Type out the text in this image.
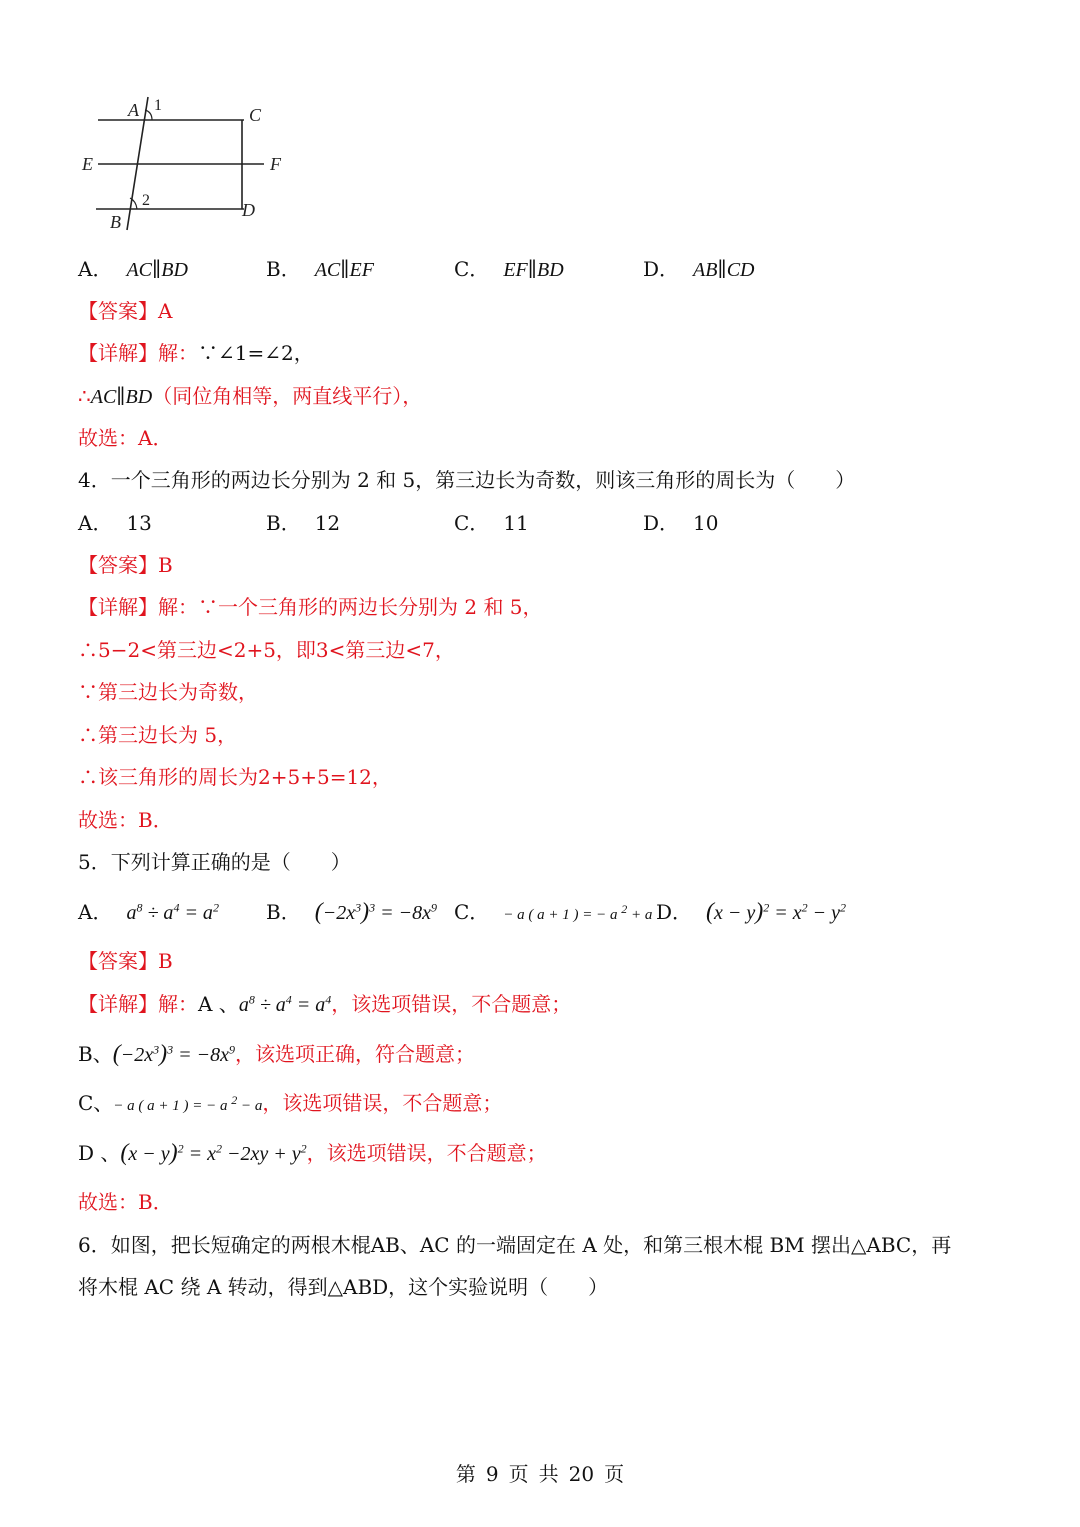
A 1	C
E	F
2
B
D
A． AC∥BD	B． AC∥EF	C． EF∥BD	D． AB∥CD
【答案】A
【详解】解：∵∠1=∠2，
∴AC∥BD（同位角相等，两直线平行），
故选：A．
4．一个三角形的两边长分别为 2 和 5，第三边长为奇数，则该三角形的周长为（　　）
A． 13	B． 12	C． 11	D． 10
【答案】B
【详解】解：∵一个三角形的两边长分别为 2 和 5，
∴5−2<第三边<2+5，即3<第三边<7，
∵第三边长为奇数，
∴第三边长为 5，
∴该三角形的周长为2+5+5=12，
故选：B．
5．下列计算正确的是（　　）
A． $a^8 \div a^4 = a^2$ B． $(-2x^3)^3 = -8x^9$ C． − a ( a + 1 ) = − a $^2$ + a D． $(x - y)^2 = x^2 - y^2$
【答案】B
【详解】解：A 、$a^8 \div a^4 = a^4$，该选项错误，不合题意；
B、$(-2x^3)^3 = -8x^9$，该选项正确，符合题意；
C、− a ( a + 1 ) = − a $^2$ − a，该选项错误，不合题意；
D 、$(x - y)^2 = x^2 -2xy + y^2$，该选项错误，不合题意；
故选：B．
6．如图，把长短确定的两根木棍AB、AC 的一端固定在 A 处，和第三根木棍 BM 摆出△ABC，再
将木棍 AC 绕 A 转动，得到△ABD，这个实验说明（　　）
第 9 页 共 20 页
